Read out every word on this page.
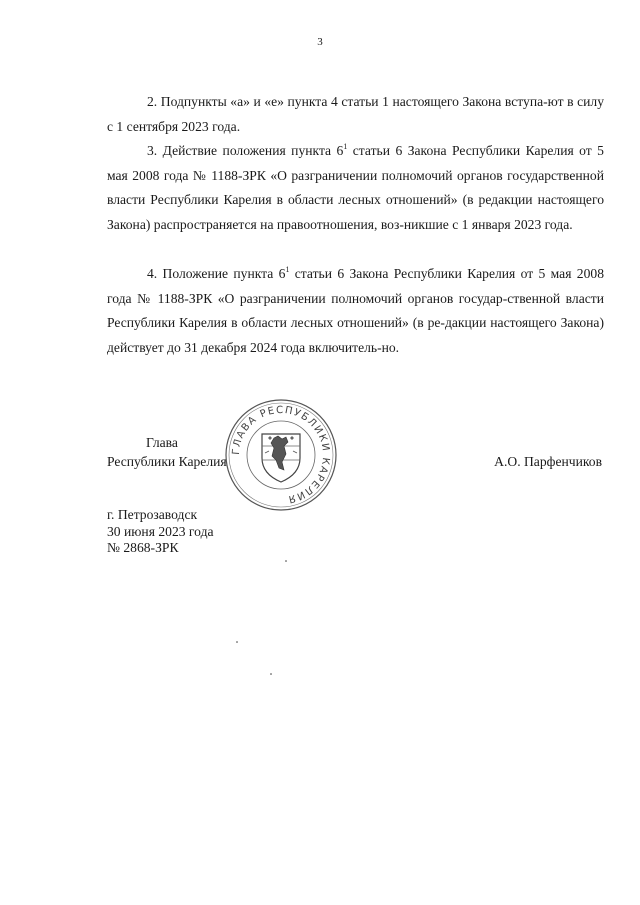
3

2. Подпункты «а» и «е» пункта 4 статьи 1 настоящего Закона вступа-ют в силу с 1 сентября 2023 года.

3. Действие положения пункта $6^1$ статьи 6 Закона Республики Карелия от 5 мая 2008 года № 1188-ЗРК «О разграничении полномочий органов государственной власти Республики Карелия в области лесных отношений» (в редакции настоящего Закона) распространяется на правоотношения, воз-никшие с 1 января 2023 года.

4. Положение пункта $6^1$ статьи 6 Закона Республики Карелия от 5 мая 2008 года № 1188-ЗРК «О разграничении полномочий органов государ-ственной власти Республики Карелия в области лесных отношений» (в ре-дакции настоящего Закона) действует до 31 декабря 2024 года включитель-но.

ГЛАВА РЕСПУБЛИКИ КАРЕЛИЯ
Глава
Республики Карелия	А.О. Парфенчиков
г. Петрозаводск
30 июня 2023 года
№ 2868-ЗРК
